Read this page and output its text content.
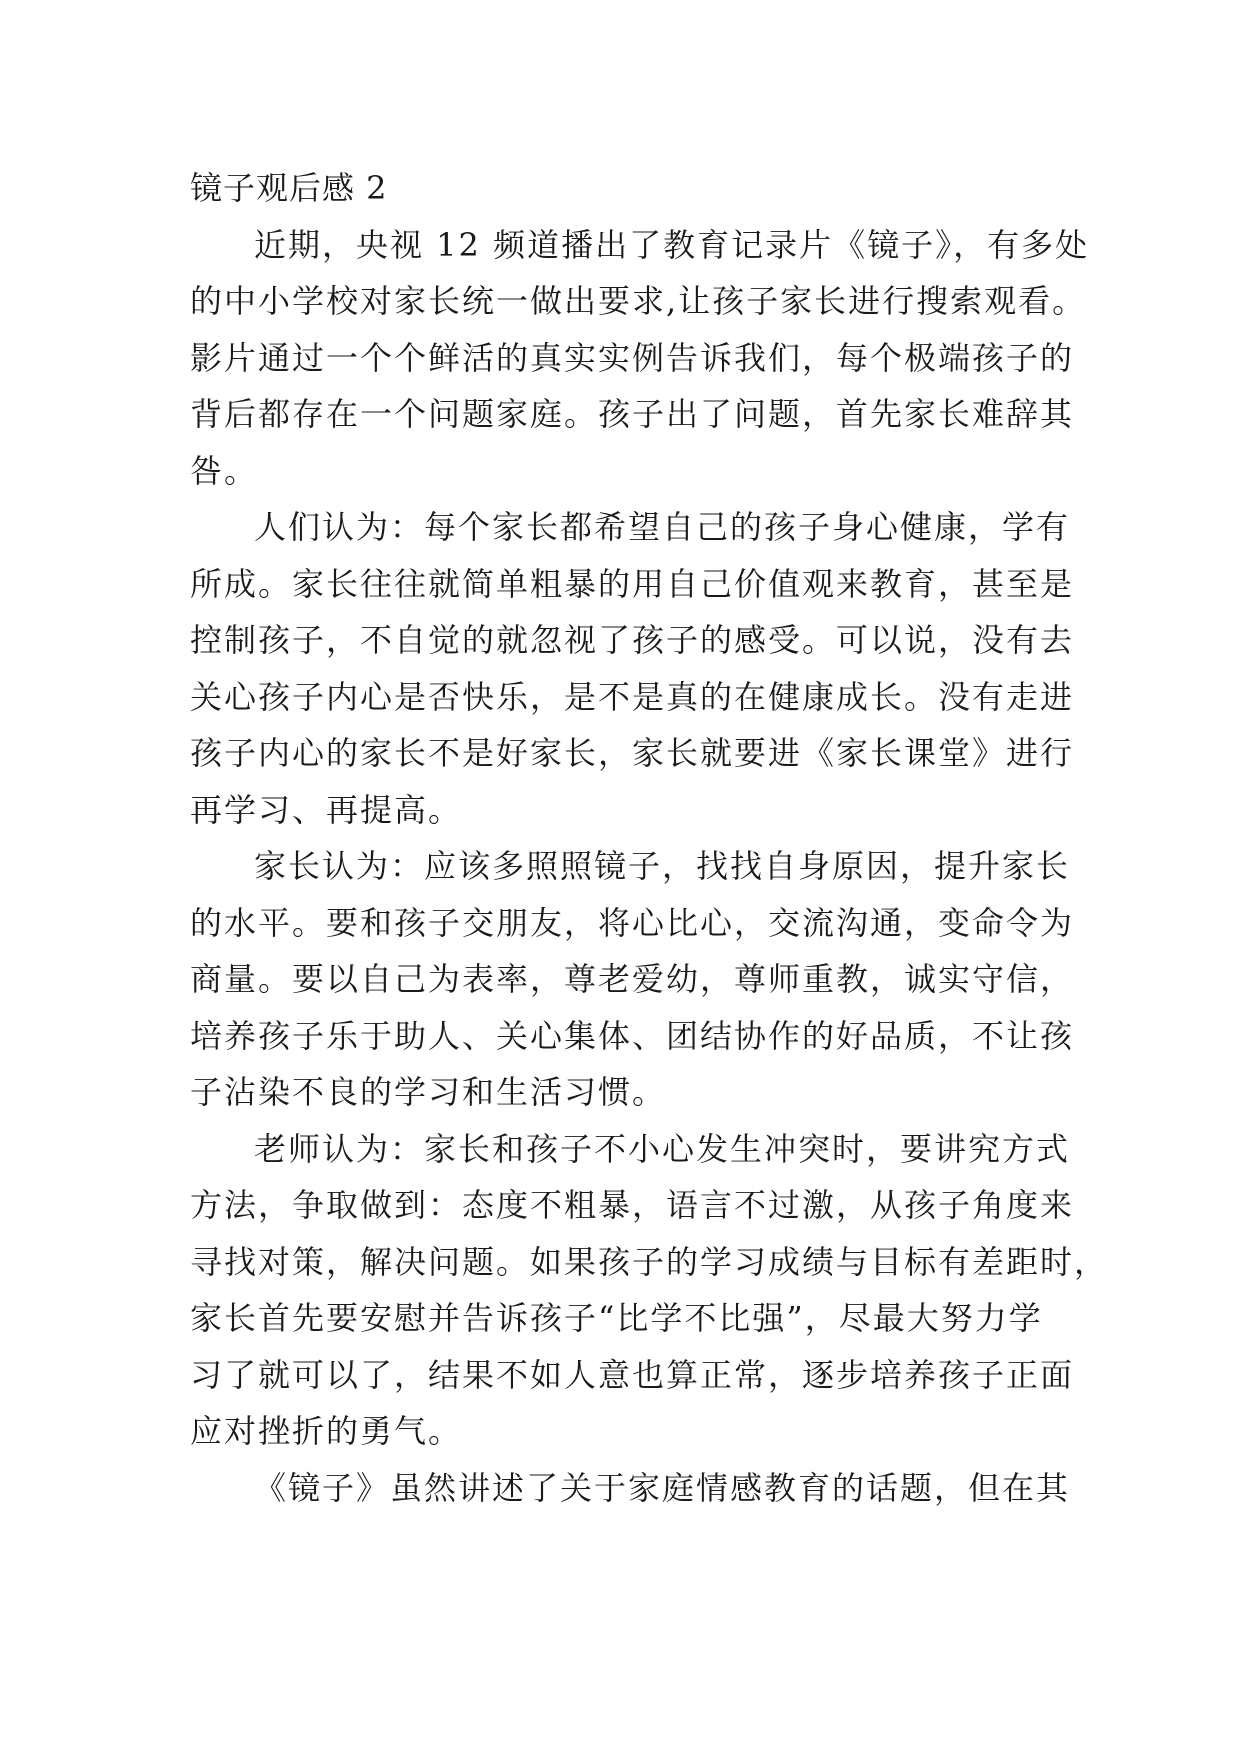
镜子观后感 2
近期，央视 12 频道播出了教育记录片《镜子》，有多处
的中小学校对家长统一做出要求,让孩子家长进行搜索观看。
影片通过一个个鲜活的真实实例告诉我们，每个极端孩子的
背后都存在一个问题家庭。孩子出了问题，首先家长难辞其
咎。
人们认为：每个家长都希望自己的孩子身心健康，学有
所成。家长往往就简单粗暴的用自己价值观来教育，甚至是
控制孩子，不自觉的就忽视了孩子的感受。可以说，没有去
关心孩子内心是否快乐，是不是真的在健康成长。没有走进
孩子内心的家长不是好家长，家长就要进《家长课堂》进行
再学习、再提高。
家长认为：应该多照照镜子，找找自身原因，提升家长
的水平。要和孩子交朋友，将心比心，交流沟通，变命令为
商量。要以自己为表率，尊老爱幼，尊师重教，诚实守信，
培养孩子乐于助人、关心集体、团结协作的好品质，不让孩
子沾染不良的学习和生活习惯。
老师认为：家长和孩子不小心发生冲突时，要讲究方式
方法，争取做到：态度不粗暴，语言不过激，从孩子角度来
寻找对策，解决问题。如果孩子的学习成绩与目标有差距时，
家长首先要安慰并告诉孩子“比学不比强”，尽最大努力学
习了就可以了，结果不如人意也算正常，逐步培养孩子正面
应对挫折的勇气。
《镜子》虽然讲述了关于家庭情感教育的话题，但在其
